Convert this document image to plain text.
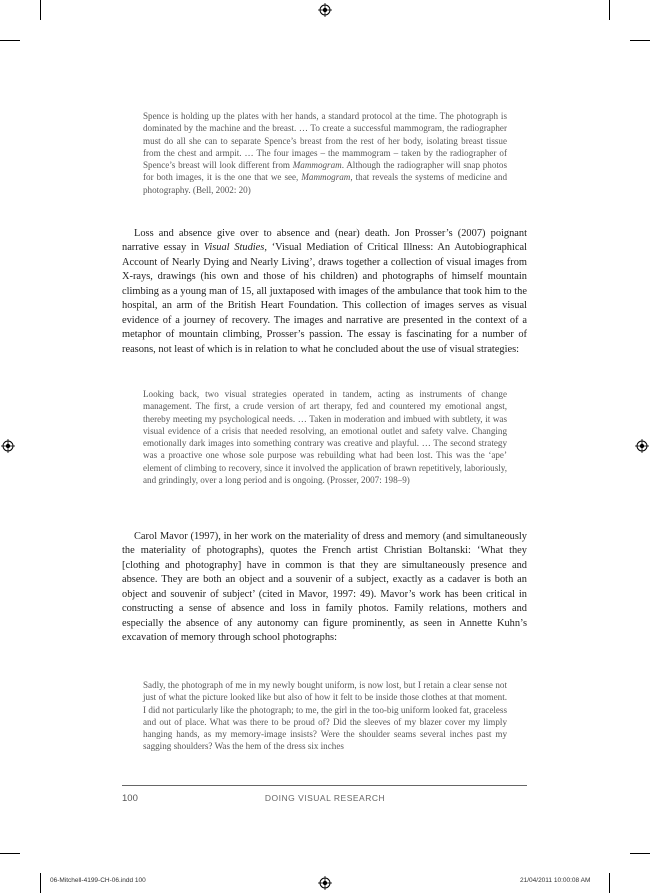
Spence is holding up the plates with her hands, a standard protocol at the time. The photograph is dominated by the machine and the breast. … To create a successful mammogram, the radiographer must do all she can to separate Spence’s breast from the rest of her body, isolating breast tissue from the chest and armpit. … The four images – the mammogram – taken by the radiographer of Spence’s breast will look different from Mammogram. Although the radiographer will snap photos for both images, it is the one that we see, Mammogram, that reveals the systems of medicine and photography. (Bell, 2002: 20)

Loss and absence give over to absence and (near) death. Jon Prosser’s (2007) poignant narrative essay in Visual Studies, ‘Visual Mediation of Critical Illness: An Autobiographical Account of Nearly Dying and Nearly Living’, draws together a collection of visual images from X-rays, drawings (his own and those of his children) and photographs of himself mountain climbing as a young man of 15, all juxtaposed with images of the ambulance that took him to the hospital, an arm of the British Heart Foundation. This collection of images serves as visual evidence of a journey of recovery. The images and narrative are presented in the context of a metaphor of mountain climbing, Prosser’s passion. The essay is fascinating for a number of reasons, not least of which is in relation to what he concluded about the use of visual strategies:

Looking back, two visual strategies operated in tandem, acting as instruments of change management. The first, a crude version of art therapy, fed and countered my emotional angst, thereby meeting my psychological needs. … Taken in moderation and imbued with subtlety, it was visual evidence of a crisis that needed resolving, an emotional outlet and safety valve. Changing emotionally dark images into something contrary was creative and playful. … The second strategy was a proactive one whose sole purpose was rebuilding what had been lost. This was the ‘ape’ element of climbing to recovery, since it involved the application of brawn repetitively, laboriously, and grindingly, over a long period and is ongoing. (Prosser, 2007: 198–9)

Carol Mavor (1997), in her work on the materiality of dress and memory (and simultaneously the materiality of photographs), quotes the French artist Christian Boltanski: ‘What they [clothing and photography] have in common is that they are simultaneously presence and absence. They are both an object and a souvenir of a subject, exactly as a cadaver is both an object and souvenir of subject’ (cited in Mavor, 1997: 49). Mavor’s work has been critical in constructing a sense of absence and loss in family photos. Family relations, mothers and especially the absence of any autonomy can figure prominently, as seen in Annette Kuhn’s excavation of memory through school photographs:

Sadly, the photograph of me in my newly bought uniform, is now lost, but I retain a clear sense not just of what the picture looked like but also of how it felt to be inside those clothes at that moment. I did not particularly like the photograph; to me, the girl in the too-big uniform looked fat, graceless and out of place. What was there to be proud of? Did the sleeves of my blazer cover my limply hanging hands, as my memory-image insists? Were the shoulder seams several inches past my sagging shoulders? Was the hem of the dress six inches

100	DOING VISUAL RESEARCH
06-Mitchell-4199-CH-06.indd 100	21/04/2011 10:00:08 AM
